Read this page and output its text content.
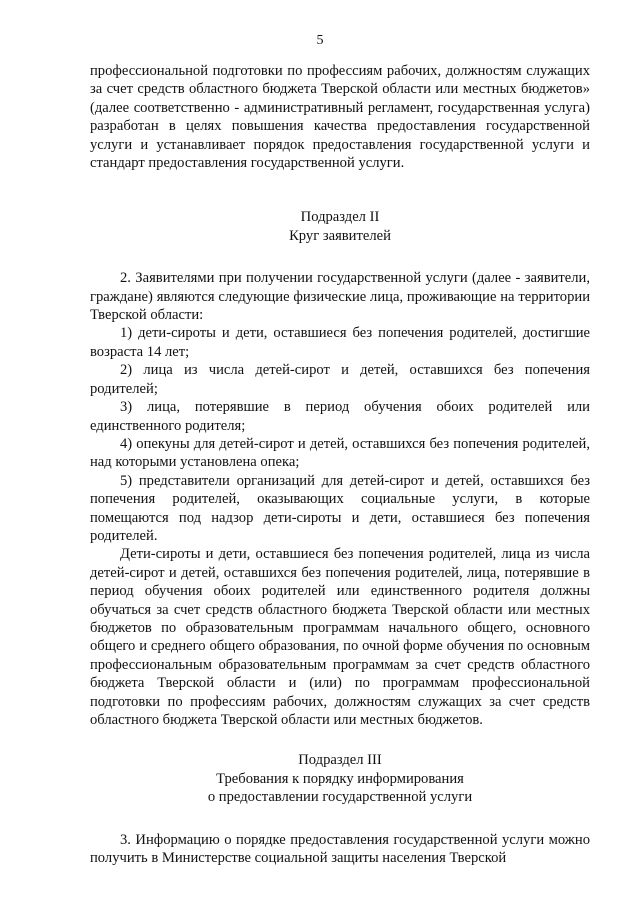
5

профессиональной подготовки по профессиям рабочих, должностям служащих за счет средств областного бюджета Тверской области или местных бюджетов» (далее соответственно - административный регламент, государственная услуга) разработан в целях повышения качества предоставления государственной услуги и устанавливает порядок предоставления государственной услуги и стандарт предоставления государственной услуги.

Подраздел II

Круг заявителей

2. Заявителями при получении государственной услуги (далее - заявители, граждане) являются следующие физические лица, проживающие на территории Тверской области:

1) дети-сироты и дети, оставшиеся без попечения родителей, достигшие возраста 14 лет;

2) лица из числа детей-сирот и детей, оставшихся без попечения родителей;

3) лица, потерявшие в период обучения обоих родителей или единственного родителя;

4) опекуны для детей-сирот и детей, оставшихся без попечения родителей, над которыми установлена опека;

5) представители организаций для детей-сирот и детей, оставшихся без попечения родителей, оказывающих социальные услуги, в которые помещаются под надзор дети-сироты и дети, оставшиеся без попечения родителей.

Дети-сироты и дети, оставшиеся без попечения родителей, лица из числа детей-сирот и детей, оставшихся без попечения родителей, лица, потерявшие в период обучения обоих родителей или единственного родителя должны обучаться за счет средств областного бюджета Тверской области или местных бюджетов по образовательным программам начального общего, основного общего и среднего общего образования, по очной форме обучения по основным профессиональным образовательным программам за счет средств областного бюджета Тверской области и (или) по программам профессиональной подготовки по профессиям рабочих, должностям служащих за счет средств областного бюджета Тверской области или местных бюджетов.

Подраздел III

Требования к порядку информирования

о предоставлении государственной услуги

3. Информацию о порядке предоставления государственной услуги можно получить в Министерстве социальной защиты населения Тверской
